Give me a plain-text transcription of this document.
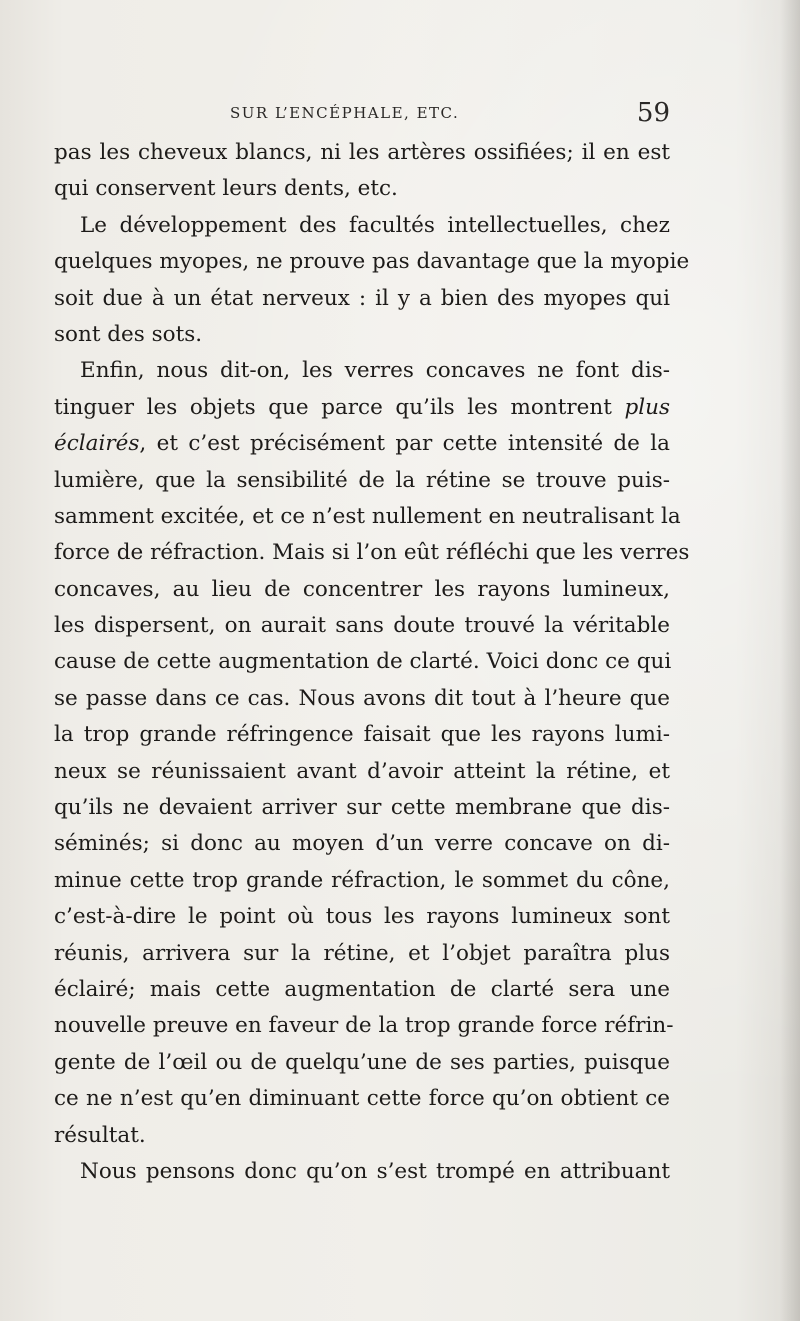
SUR L’ENCÉPHALE, ETC.	59
pas les cheveux blancs, ni les artères ossifiées; il en est
qui conservent leurs dents, etc.
Le développement des facultés intellectuelles, chez
quelques myopes, ne prouve pas davantage que la myopie
soit due à un état nerveux : il y a bien des myopes qui
sont des sots.
Enfin, nous dit-on, les verres concaves ne font dis-
tinguer les objets que parce qu’ils les montrent plus
éclairés, et c’est précisément par cette intensité de la
lumière, que la sensibilité de la rétine se trouve puis-
samment excitée, et ce n’est nullement en neutralisant la
force de réfraction. Mais si l’on eût réfléchi que les verres
concaves, au lieu de concentrer les rayons lumineux,
les dispersent, on aurait sans doute trouvé la véritable
cause de cette augmentation de clarté. Voici donc ce qui
se passe dans ce cas. Nous avons dit tout à l’heure que
la trop grande réfringence faisait que les rayons lumi-
neux se réunissaient avant d’avoir atteint la rétine, et
qu’ils ne devaient arriver sur cette membrane que dis-
séminés; si donc au moyen d’un verre concave on di-
minue cette trop grande réfraction, le sommet du cône,
c’est-à-dire le point où tous les rayons lumineux sont
réunis, arrivera sur la rétine, et l’objet paraîtra plus
éclairé; mais cette augmentation de clarté sera une
nouvelle preuve en faveur de la trop grande force réfrin-
gente de l’œil ou de quelqu’une de ses parties, puisque
ce ne n’est qu’en diminuant cette force qu’on obtient ce
résultat.
Nous pensons donc qu’on s’est trompé en attribuant
